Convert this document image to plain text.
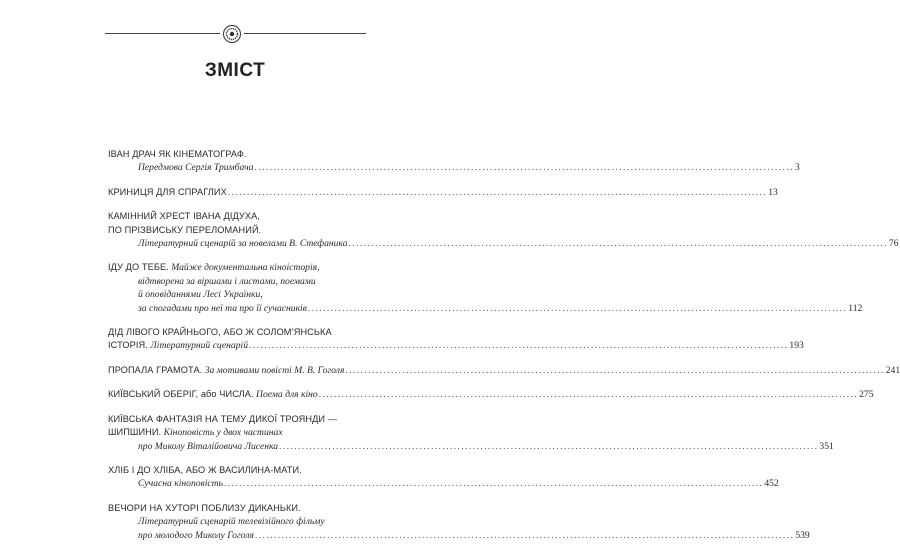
ЗМІСТ
ІВАН ДРАЧ ЯК КІНЕМАТОГРАФ.
Передмова Сергія Тримбача .....	3
КРИНИЦЯ ДЛЯ СПРАГЛИХ .....	13
КАМІННИЙ ХРЕСТ ІВАНА ДІДУХА,
ПО ПРІЗВИСЬКУ ПЕРЕЛОМАНИЙ.
Літературний сценарій за новелами В. Стефаника .....	76
ІДУ ДО ТЕБЕ. Майже документальна кіноісторія,
відтворена за віршами і листами, поемами
й оповіданнями Лесі Українки,
за спогадами про неї та про її сучасників .....	112
ДІД ЛІВОГО КРАЙНЬОГО, АБО Ж СОЛОМ’ЯНСЬКА
ІСТОРІЯ. Літературний сценарій .....	193
ПРОПАЛА ГРАМОТА. За мотивами повісті М. В. Гоголя .....	241
КИЇВСЬКИЙ ОБЕРІГ, або ЧИСЛА. Поема для кіно .....	275
КИЇВСЬКА ФАНТАЗІЯ НА ТЕМУ ДИКОЇ ТРОЯНДИ —
ШИПШИНИ. Кіноповість у двох частинах
про Миколу Віталійовича Лисенка .....	351
ХЛІБ І ДО ХЛІБА, АБО Ж ВАСИЛИНА-МАТИ.
Сучасна кіноповість .....	452
ВЕЧОРИ НА ХУТОРІ ПОБЛИЗУ ДИКАНЬКИ.
Літературний сценарій телевізійного фільму
про молодого Миколу Гоголя .....	539
